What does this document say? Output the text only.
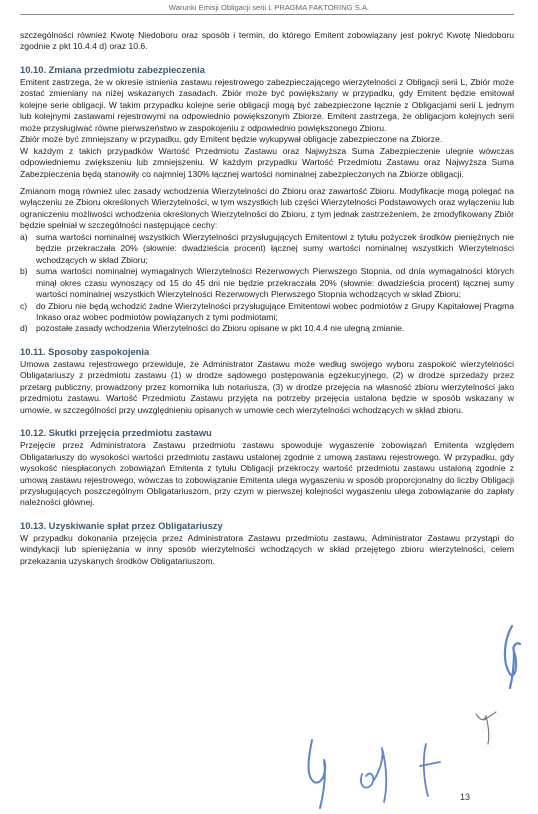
Warunki Emisji Obligacji serii L PRAGMA FAKTORING S.A.

szczególności również Kwotę Niedoboru oraz sposób i termin, do którego Emitent zobowiązany jest pokryć Kwotę Niedoboru zgodnie z pkt 10.4.4 d) oraz 10.6.

10.10. Zmiana przedmiotu zabezpieczenia

Emitent zastrzega, że w okresie istnienia zastawu rejestrowego zabezpieczającego wierzytelności z Obligacji serii L, Zbiór może zostać zmieniany na niżej wskazanych zasadach. Zbiór może być powiększany w przypadku, gdy Emitent będzie emitował kolejne serie obligacji. W takim przypadku kolejne serie obligacji mogą być zabezpieczone łącznie z Obligacjami serii L jednym lub kolejnymi zastawami rejestrowymi na odpowiednio powiększonym Zbiorze. Emitent zastrzega, że obligacjom kolejnych serii może przysługiwać równe pierwszeństwo w zaspokojeniu z odpowiednio powiększonego Zbioru.

Zbiór może być zmniejszany w przypadku, gdy Emitent będzie wykupywał obligacje zabezpieczone na Zbiorze.

W każdym z takich przypadków Wartość Przedmiotu Zastawu oraz Najwyższa Suma Zabezpieczenie ulegnie wówczas odpowiedniemu zwiększeniu lub zmniejszeniu. W każdym przypadku Wartość Przedmiotu Zastawu oraz Najwyższa Suma Zabezpieczenia będą stanowiły co najmniej 130% łącznej wartości nominalnej zabezpieczonych na Zbiorze obligacji.

Zmianom mogą również ulec zasady wchodzenia Wierzytelności do Zbioru oraz zawartość Zbioru. Modyfikacje mogą polegać na wyłączeniu ze Zbioru określonych Wierzytelności, w tym wszystkich lub części Wierzytelności Podstawowych oraz wyłączeniu lub ograniczeniu możliwości wchodzenia określonych Wierzytelności do Zbioru, z tym jednak zastrzeżeniem, że zmodyfikowany Zbiór będzie spełniał w szczególności następujące cechy:

a) suma wartości nominalnej wszystkich Wierzytelności przysługujących Emitentowi z tytułu pożyczek środków pieniężnych nie będzie przekraczała 20% (słownie: dwadzieścia procent) łącznej sumy wartości nominalnej wszystkich Wierzytelności wchodzących w skład Zbioru;
b) suma wartości nominalnej wymagalnych Wierzytelności Rezerwowych Pierwszego Stopnia, od dnia wymagalności których minął okres czasu wynoszący od 15 do 45 dni nie będzie przekraczała 20% (słownie: dwadzieścia procent) łącznej sumy wartości nominalnej wszystkich Wierzytelności Rezerwowych Pierwszego Stopnia wchodzących w skład Zbioru;
c) do Zbioru nie będą wchodzić żadne Wierzytelności przysługujące Emitentowi wobec podmiotów z Grupy Kapitałowej Pragma Inkaso oraz wobec podmiotów powiązanych z tymi podmiotami;
d) pozostałe zasady wchodzenia Wierzytelności do Zbioru opisane w pkt 10.4.4 nie ulegną zmianie.
10.11. Sposoby zaspokojenia

Umowa zastawu rejestrowego przewiduje, że Administrator Zastawu może według swojego wyboru zaspokoić wierzytelności Obligatariuszy z przedmiotu zastawu (1) w drodze sądowego postępowania egzekucyjnego, (2) w drodze sprzedaży przez przetarg publiczny, prowadzony przez komornika lub notariusza, (3) w drodze przejęcia na własność zbioru wierzytelności jako przedmiotu zastawu. Wartość Przedmiotu Zastawu przyjęta na potrzeby przejęcia ustalona będzie w sposób wskazany w umowie, w szczególności przy uwzględnieniu opisanych w umowie cech wierzytelności wchodzących w skład zbioru.

10.12. Skutki przejęcia przedmiotu zastawu

Przejęcie przez Administratora Zastawu przedmiotu zastawu spowoduje wygaszenie zobowiązań Emitenta względem Obligatariuszy do wysokości wartości przedmiotu zastawu ustalonej zgodnie z umową zastawu rejestrowego. W przypadku, gdy wysokość niespłaconych zobowiązań Emitenta z tytułu Obligacji przekroczy wartość przedmiotu zastawu ustaloną zgodnie z umową zastawu rejestrowego, wówczas to zobowiązanie Emitenta ulega wygaszeniu w sposób proporcjonalny do liczby Obligacji przysługujących poszczególnym Obligatariuszom, przy czym w pierwszej kolejności wygaszeniu ulega zobowiązanie do zapłaty należności głównej.

10.13. Uzyskiwanie spłat przez Obligatariuszy

W przypadku dokonania przejęcia przez Administratora Zastawu przedmiotu zastawu, Administrator Zastawu przystąpi do windykacji lub spieniężania w inny sposób wierzytelności wchodzących w skład przejętego zbioru wierzytelności, celem przekazania uzyskanych środków Obligatariuszom.

13
